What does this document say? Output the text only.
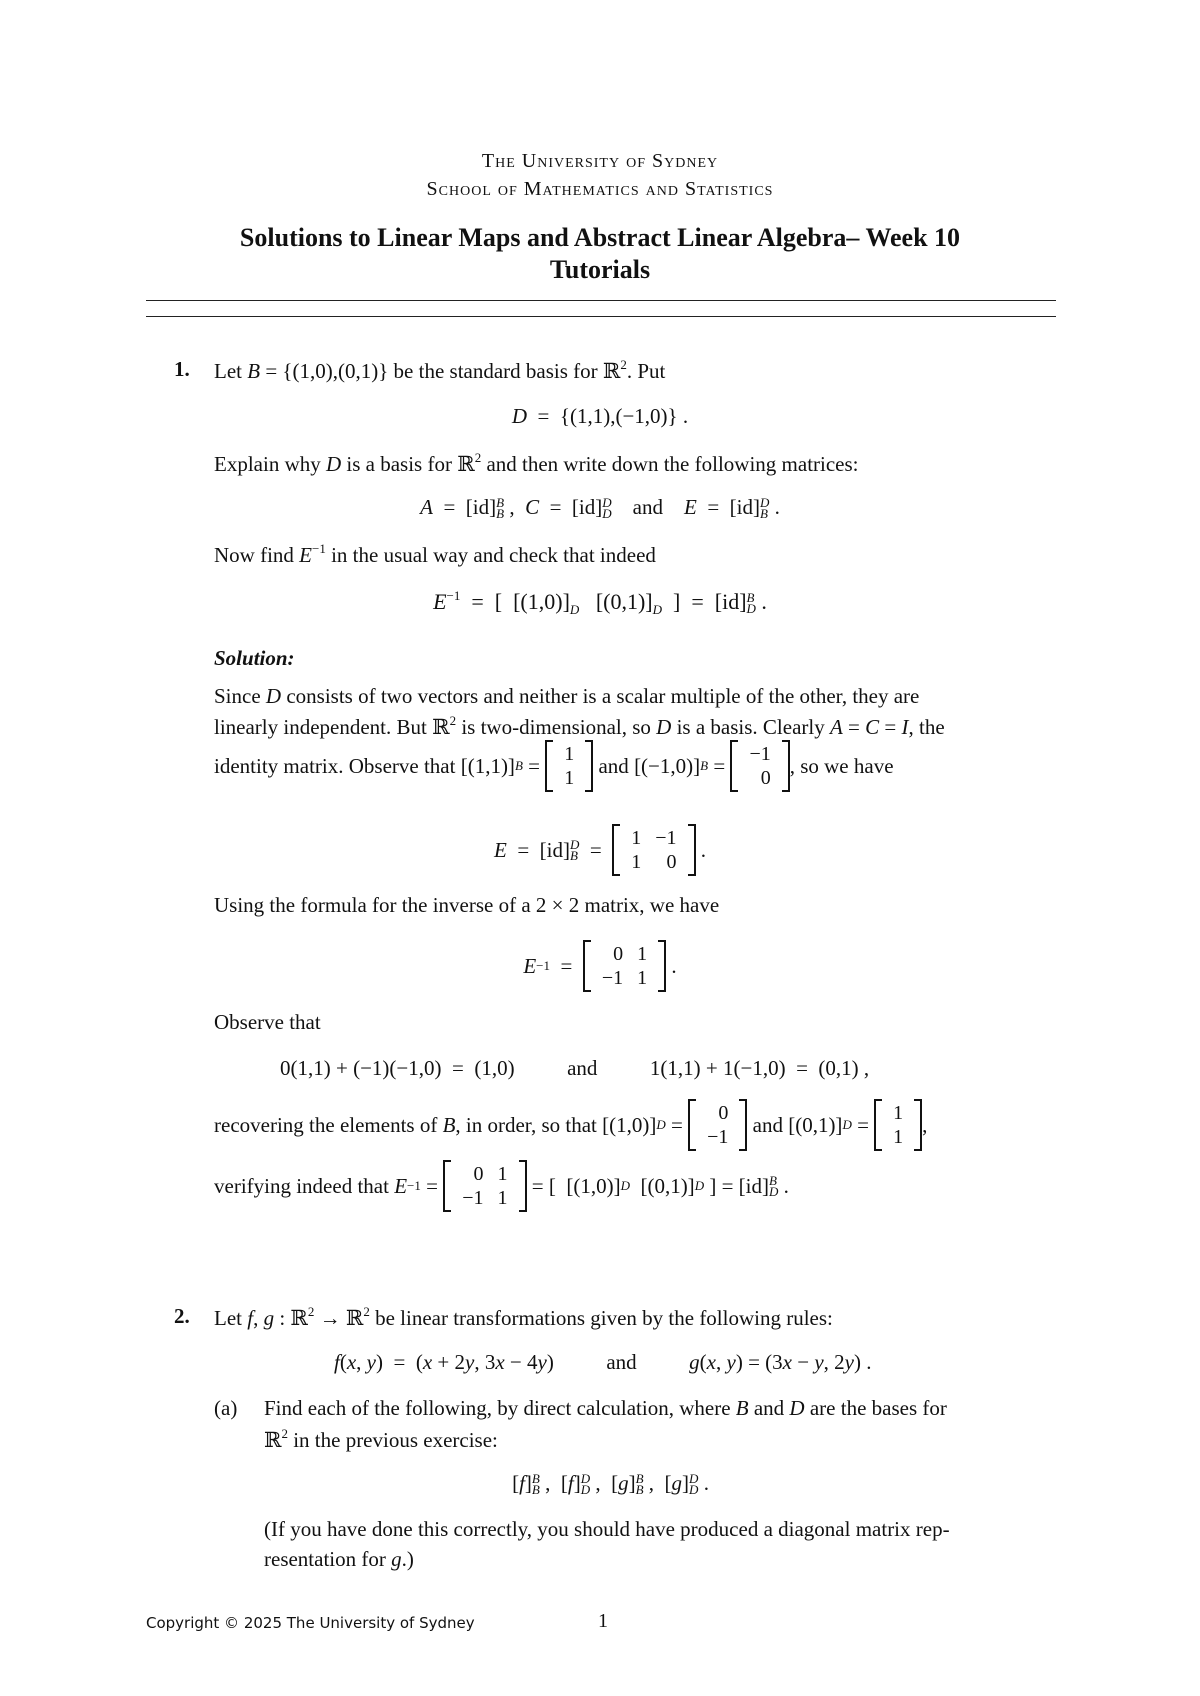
The University of Sydney
School of Mathematics and Statistics
Solutions to Linear Maps and Abstract Linear Algebra– Week 10
Tutorials
1. Let B = {(1,0),(0,1)} be the standard basis for ℝ$^2$. Put
D  =  {(1,1),(−1,0)} .
Explain why D is a basis for ℝ$^2$ and then write down the following matrices:
A  =  [id] B
B ,  C  =  [id] D
D and E  =  [id] D
B .
Now find $E^{-1}$ in the usual way and check that indeed
$E^{-1}$  =  [  $[(1,0)]_D$   $[(0,1)]_D$  ]  =  [id] B
D .
Solution:
Since D consists of two vectors and neither is a scalar multiple of the other, they are
linearly independent. But ℝ$^2$ is two-dimensional, so D is a basis. Clearly A = C = I, the
identity matrix. Observe that [(1,1)] B = 1
1

and [(−1,0)] B = −1
0
, so we have
E =  [id] D
B = 1	−1
1	0
.
Using the formula for the inverse of a 2 × 2 matrix, we have
E −1 = 0	1
−1	1
.
Observe that
0(1,1) + (−1)(−1,0)  =  (1,0)          and          1(1,1) + 1(−1,0)  =  (0,1) ,
recovering the elements of
B , in order, so that [(1,0)] D = 0
−1

and [(0,1)] D = 1
1
,
verifying indeed that
E −1 = 0	1
−1	1
= [  [(1,0)] D [(0,1)] D ] = [id] B
D .
2. Let f, g : ℝ$^2$ → ℝ$^2$ be linear transformations given by the following rules:
f(x, y)  =  (x + 2y, 3x − 4y)          and	g(x, y) = (3x − y, 2y) .
(a) Find each of the following, by direct calculation, where B and D are the bases for
ℝ$^2$ in the previous exercise:
[f] B
B ,  [f] D
D ,  [g] B
B ,  [g] D
D .
(If you have done this correctly, you should have produced a diagonal matrix rep-
resentation for g.)
Copyright © 2025 The University of Sydney	1
